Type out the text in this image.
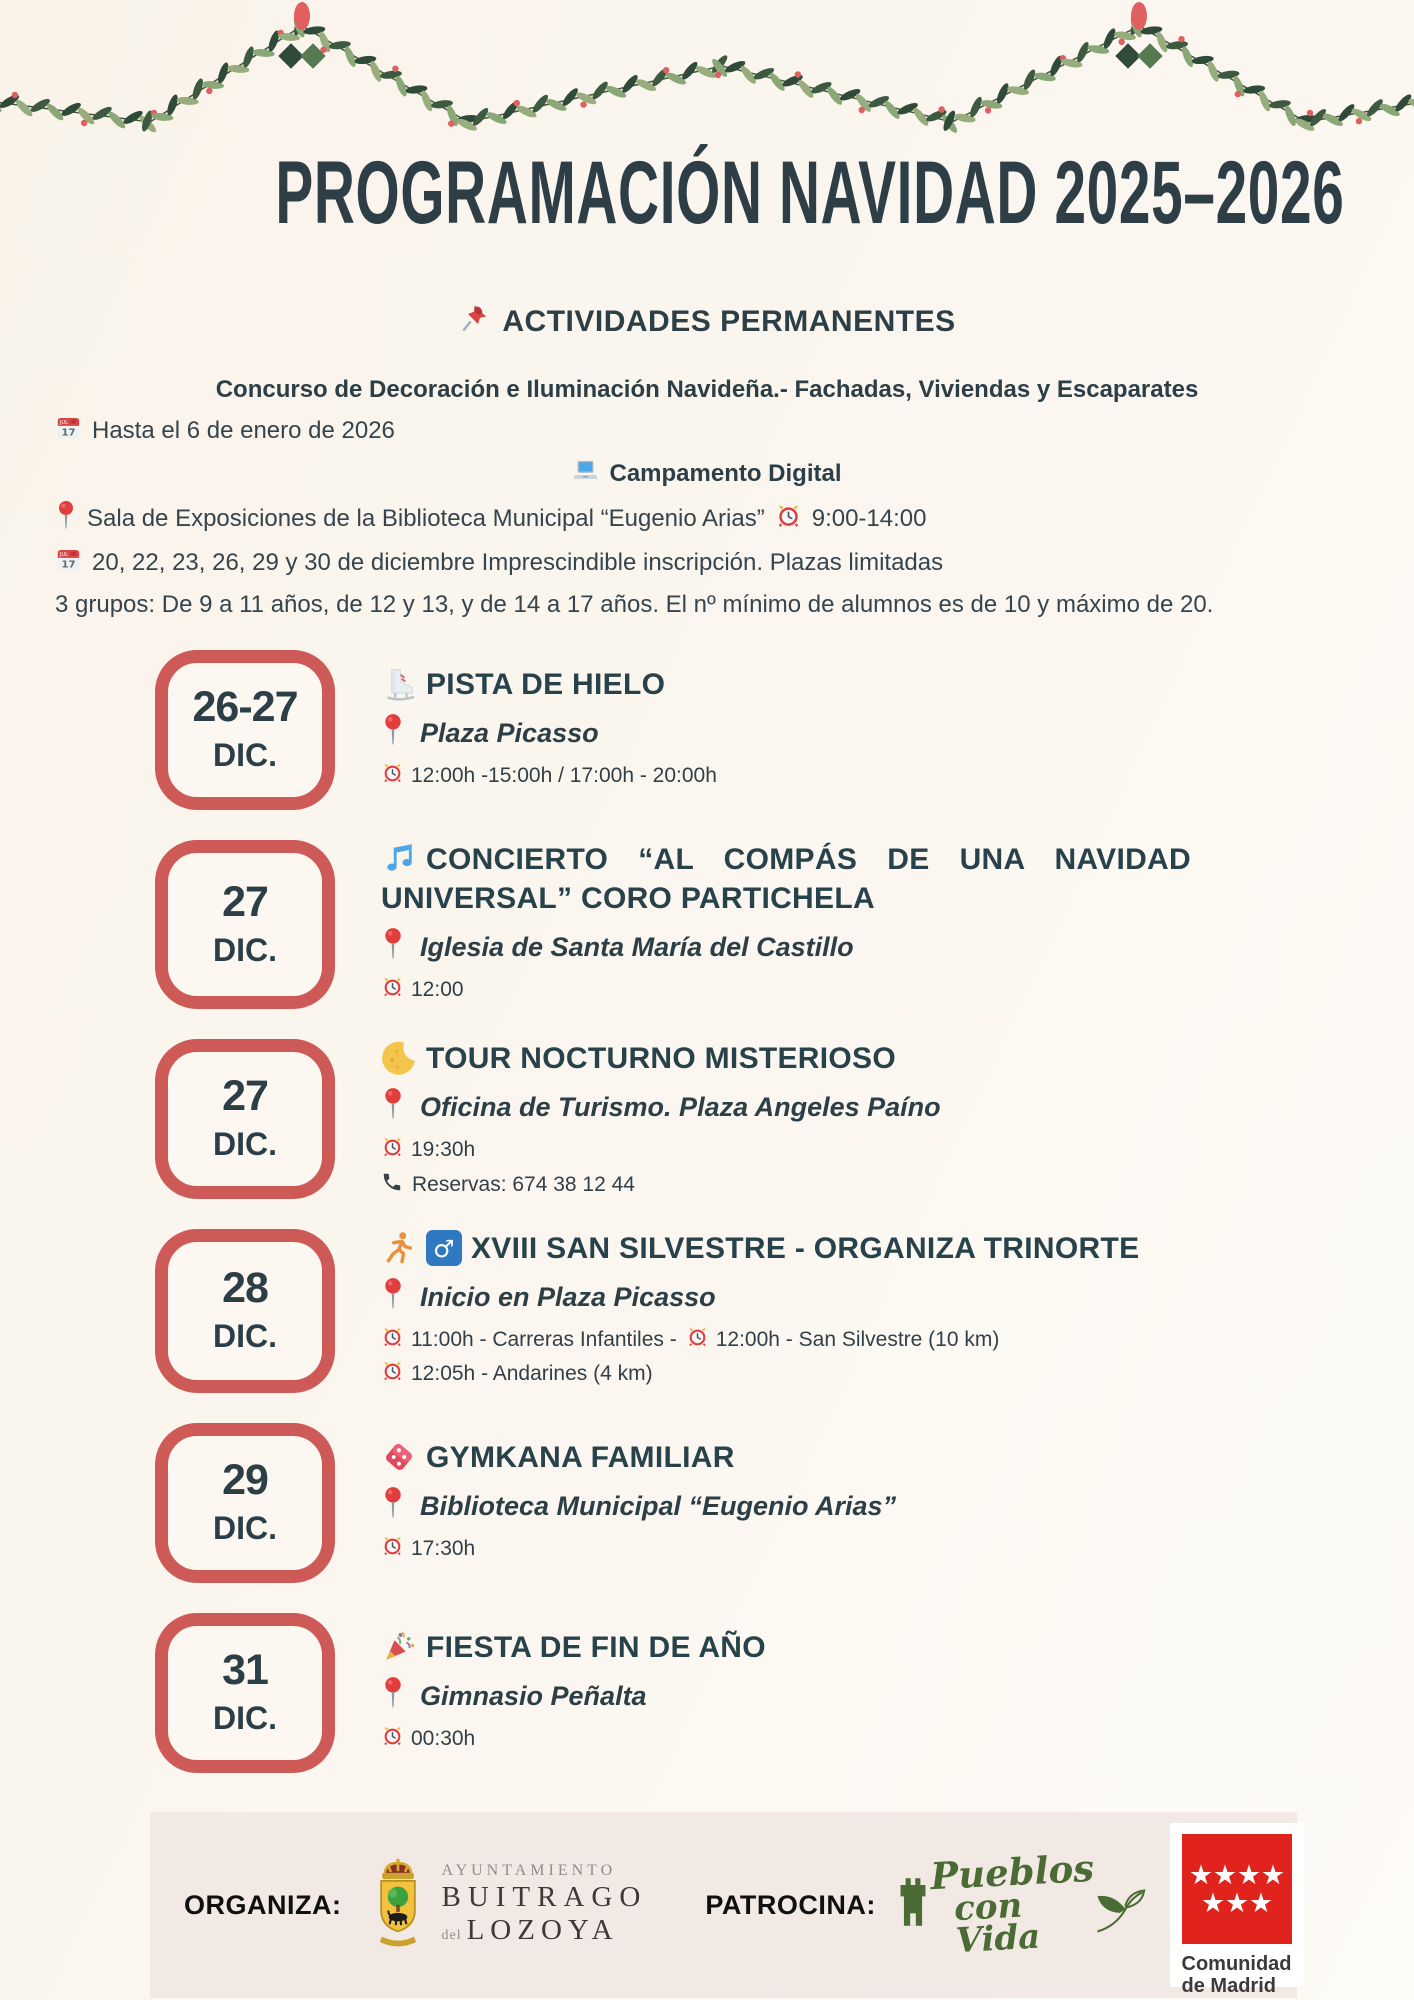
PROGRAMACIÓN NAVIDAD 2025–2026
ACTIVIDADES PERMANENTES
Concurso de Decoración e Iluminación Navideña.- Fachadas, Viviendas y Escaparates
JUL
17 Hasta el 6 de enero de 2026
Campamento Digital
Sala de Exposiciones de la Biblioteca Municipal “Eugenio Arias” 9:00-14:00
JUL
17 20, 22, 23, 26, 29 y 30 de diciembre Imprescindible inscripción. Plazas limitadas
3 grupos: De 9 a 11 años, de 12 y 13, y de 14 a 17 años. El nº mínimo de alumnos es de 10 y máximo de 20.
26-27
DIC.
PISTA DE HIELO
Plaza Picasso
12:00h -15:00h / 17:00h - 20:00h
27
DIC.
CONCIERTO “AL COMPÁS DE UNA NAVIDAD UNIVERSAL” CORO PARTICHELA
Iglesia de Santa María del Castillo
12:00
27
DIC.
TOUR NOCTURNO MISTERIOSO
Oficina de Turismo. Plaza Angeles Paíno
19:30h
Reservas: 674 38 12 44
28
DIC.
♂ XVIII SAN SILVESTRE - ORGANIZA TRINORTE
Inicio en Plaza Picasso
11:00h - Carreras Infantiles - 12:00h - San Silvestre (10 km)
12:05h - Andarines (4 km)
29
DIC.
GYMKANA FAMILIAR
Biblioteca Municipal “Eugenio Arias”
17:30h
31
DIC.
FIESTA DE FIN DE AÑO
Gimnasio Peñalta
00:30h
ORGANIZA:
AYUNTAMIENTO
BUITRAGO
del LOZOYA
PATROCINA:
Pueblos
con Vida
★ ★ ★ ★
★ ★ ★
Comunidad
de Madrid
